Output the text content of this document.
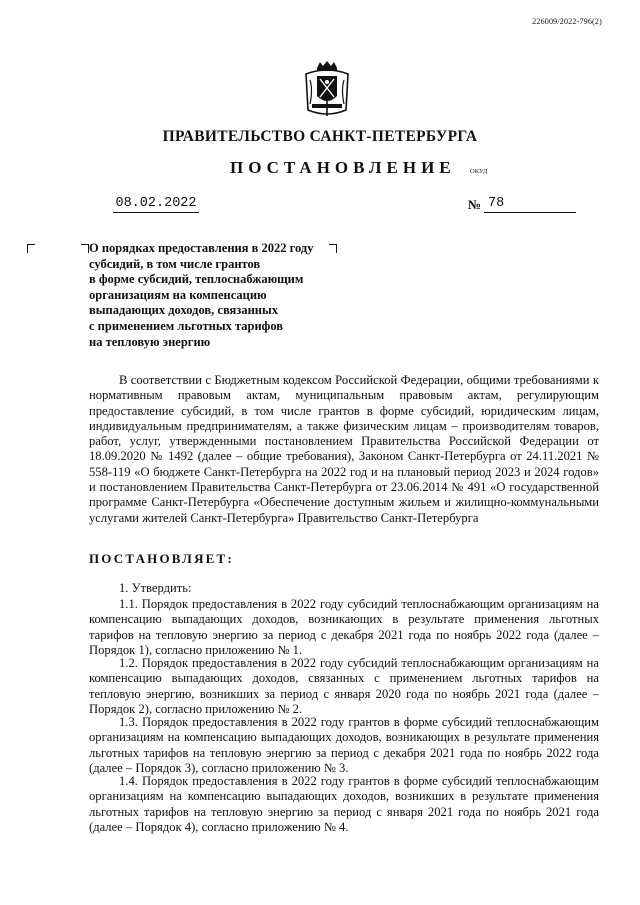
226009/2022-796(2)
ПРАВИТЕЛЬСТВО САНКТ-ПЕТЕРБУРГА
ПОСТАНОВЛЕНИЕ ОКУД
08.02.2022	№ 78
О порядках предоставления в 2022 году
субсидий, в том числе грантов
в форме субсидий, теплоснабжающим
организациям на компенсацию
выпадающих доходов, связанных
с применением льготных тарифов
на тепловую энергию
В соответствии с Бюджетным кодексом Российской Федерации, общими требованиями к нормативным правовым актам, муниципальным правовым актам, регулирующим предоставление субсидий, в том числе грантов в форме субсидий, юридическим лицам, индивидуальным предпринимателям, а также физическим лицам – производителям товаров, работ, услуг, утвержденными постановлением Правительства Российской Федерации от 18.09.2020 № 1492 (далее – общие требования), Законом Санкт-Петербурга от 24.11.2021 № 558-119 «О бюджете Санкт-Петербурга на 2022 год и на плановый период 2023 и 2024 годов» и постановлением Правительства Санкт-Петербурга от 23.06.2014 № 491 «О государственной программе Санкт-Петербурга «Обеспечение доступным жильем и жилищно-коммунальными услугами жителей Санкт-Петербурга» Правительство Санкт-Петербурга
ПОСТАНОВЛЯЕТ:
1. Утвердить:
1.1. Порядок предоставления в 2022 году субсидий теплоснабжающим организациям на компенсацию выпадающих доходов, возникающих в результате применения льготных тарифов на тепловую энергию за период с декабря 2021 года по ноябрь 2022 года (далее – Порядок 1), согласно приложению № 1.
1.2. Порядок предоставления в 2022 году субсидий теплоснабжающим организациям на компенсацию выпадающих доходов, связанных с применением льготных тарифов на тепловую энергию, возникших за период с января 2020 года по ноябрь 2021 года (далее – Порядок 2), согласно приложению № 2.
1.3. Порядок предоставления в 2022 году грантов в форме субсидий теплоснабжающим организациям на компенсацию выпадающих доходов, возникающих в результате применения льготных тарифов на тепловую энергию за период с декабря 2021 года по ноябрь 2022 года (далее – Порядок 3), согласно приложению № 3.
1.4. Порядок предоставления в 2022 году грантов в форме субсидий теплоснабжающим организациям на компенсацию выпадающих доходов, возникших в результате применения льготных тарифов на тепловую энергию за период с января 2021 года по ноябрь 2021 года (далее – Порядок 4), согласно приложению № 4.
